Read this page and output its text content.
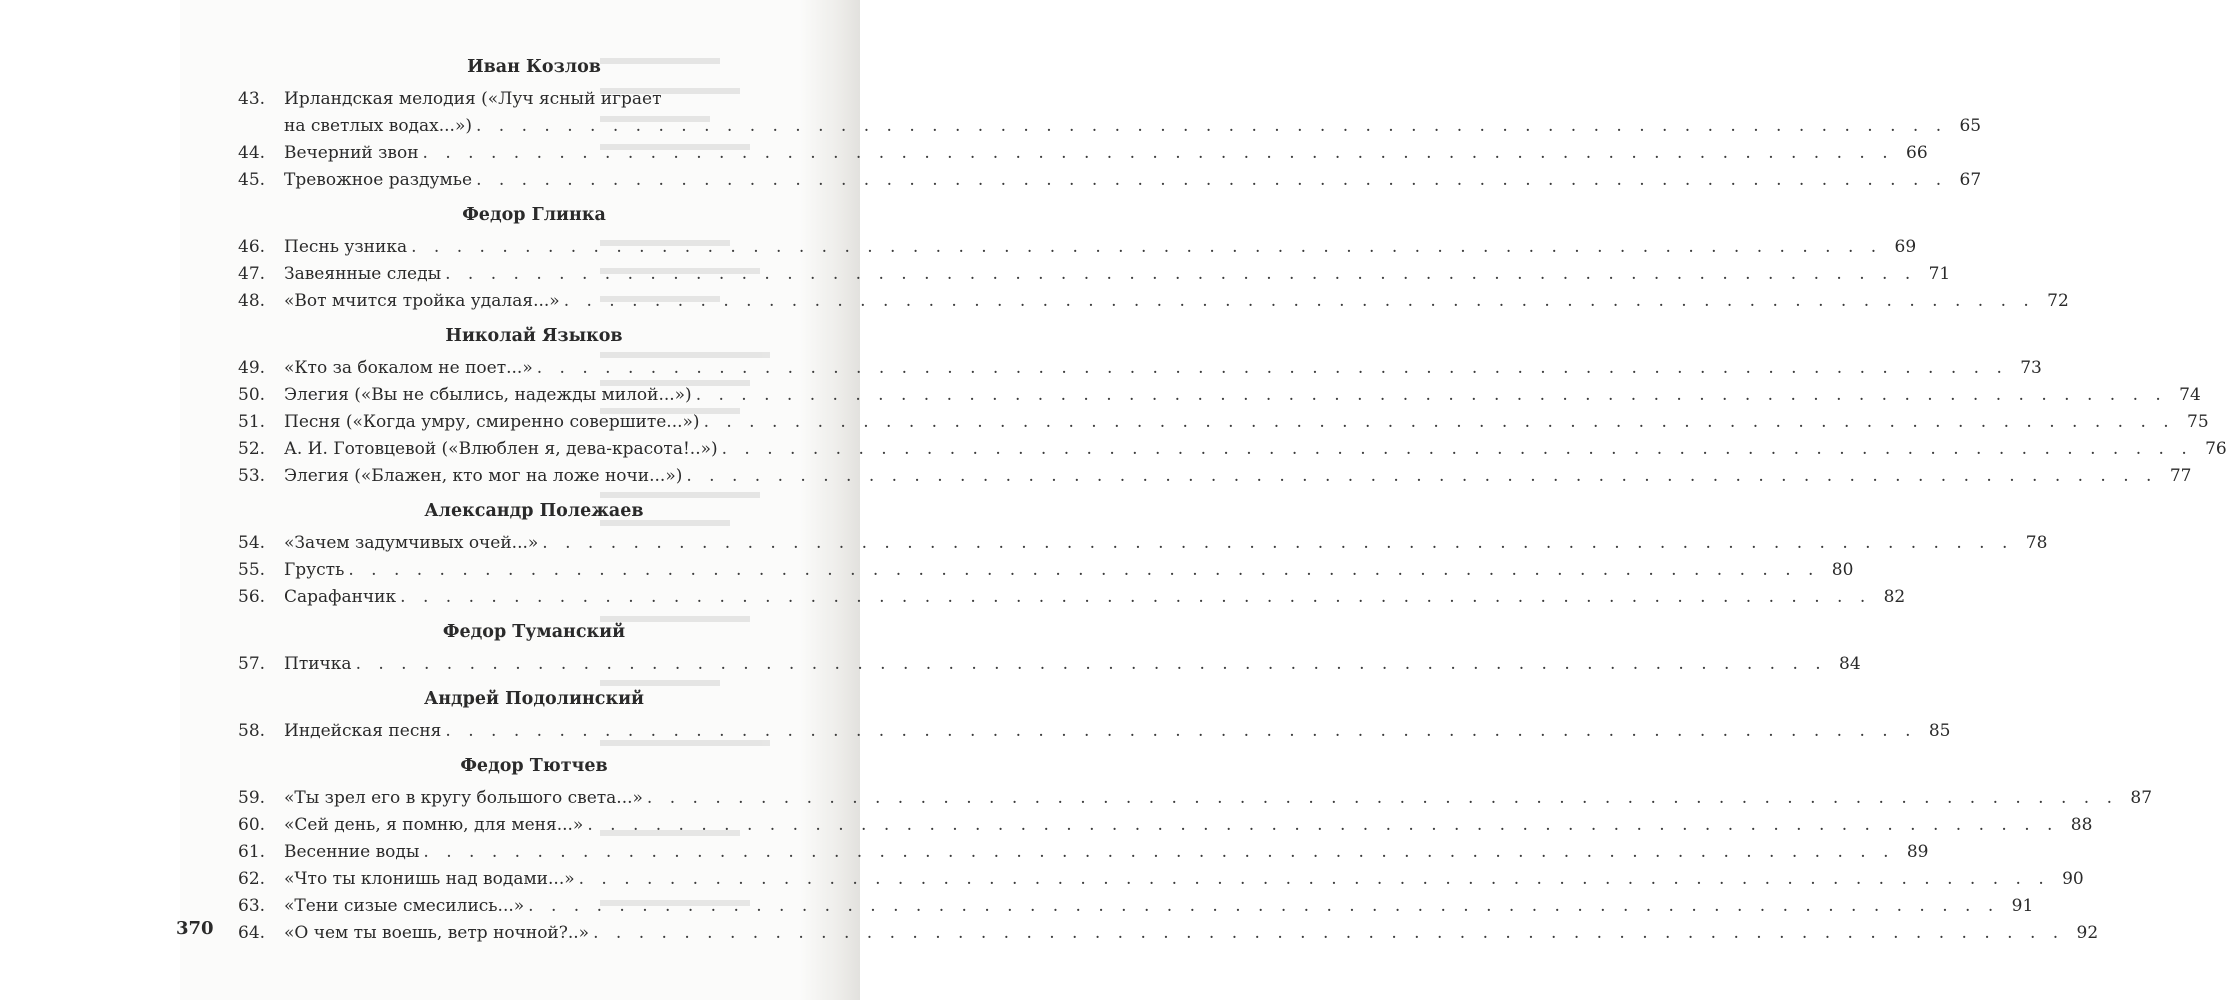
Иван Козлов
43.	Ирландская мелодия («Луч ясный играет
на светлых водах...») . . .	65
44.	Вечерний звон . . .	66
45.	Тревожное раздумье . . .	67
Федор Глинка
46.	Песнь узника . . .	69
47.	Завеянные следы . . .	71
48.	«Вот мчится тройка удалая...» . . .	72
Николай Языков
49.	«Кто за бокалом не поет...» . . .	73
50.	Элегия («Вы не сбылись, надежды милой...») . . .	74
51.	Песня («Когда умру, смиренно совершите...») . . .	75
52.	А. И. Готовцевой («Влюблен я, дева-красота!..») . . .	76
53.	Элегия («Блажен, кто мог на ложе ночи...») . . .	77
Александр Полежаев
54.	«Зачем задумчивых очей...» . . .	78
55.	Грусть . . .	80
56.	Сарафанчик . . .	82
Федор Туманский
57.	Птичка . . .	84
Андрей Подолинский
58.	Индейская песня . . .	85
Федор Тютчев
59.	«Ты зрел его в кругу большого света...» . . .	87
60.	«Сей день, я помню, для меня...» . . .	88
61.	Весенние воды . . .	89
62.	«Что ты клонишь над водами...» . . .	90
63.	«Тени сизые смесились...» . . .	91
64.	«О чем ты воешь, ветр ночной?..» . . .	92
370
